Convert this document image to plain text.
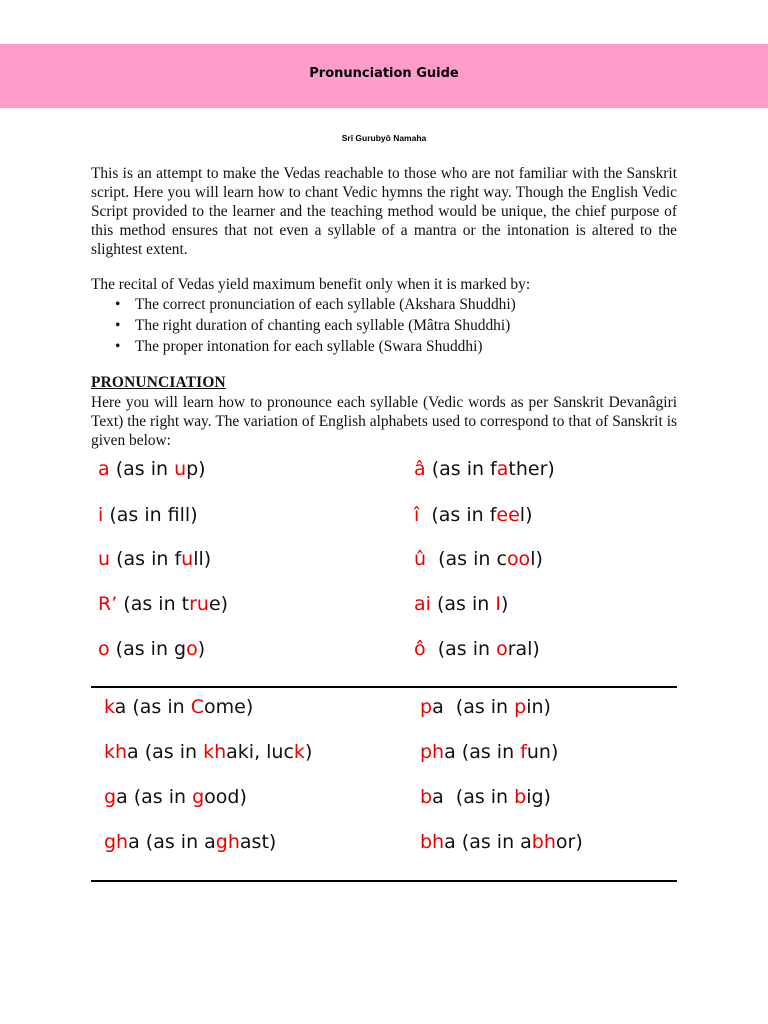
Pronunciation Guide
Srî Gurubyô Namaha
This is an attempt to make the Vedas reachable to those who are not familiar with the Sanskrit script. Here you will learn how to chant Vedic hymns the right way. Though the English Vedic Script provided to the learner and the teaching method would be unique, the chief purpose of this method ensures that not even a syllable of a mantra or the intonation is altered to the slightest extent.
The recital of Vedas yield maximum benefit only when it is marked by:
• The correct pronunciation of each syllable (Akshara Shuddhi)
• The right duration of chanting each syllable (Mâtra Shuddhi)
• The proper intonation for each syllable (Swara Shuddhi)
PRONUNCIATION
Here you will learn how to pronounce each syllable (Vedic words as per Sanskrit Devanâgiri Text) the right way. The variation of English alphabets used to correspond to that of Sanskrit is given below:
a (as in up)	â (as in father)
i (as in fll)	î  (as in feel)
u (as in full)	û  (as in cool)
R’ (as in true)	ai (as in I)
o (as in go)	ô  (as in oral)
ka (as in Come)	pa  (as in pin)
kha (as in khaki, luck)	pha (as in fun)
ga (as in good)	ba  (as in big)
gha (as in aghast)	bha (as in abhor)
